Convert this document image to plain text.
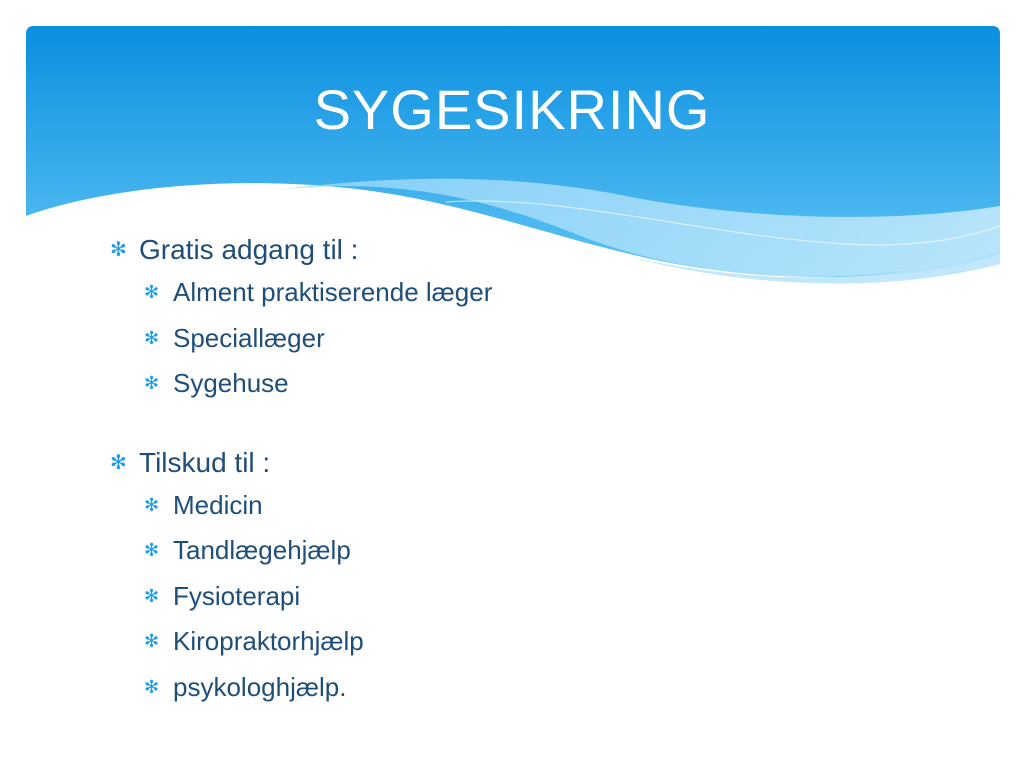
SYGESIKRING
✻ Gratis adgang til :
✻ Alment praktiserende læger
✻ Speciallæger
✻ Sygehuse
✻ Tilskud til :
✻ Medicin
✻ Tandlægehjælp
✻ Fysioterapi
✻ Kiropraktorhjælp
✻ psykologhjælp.
